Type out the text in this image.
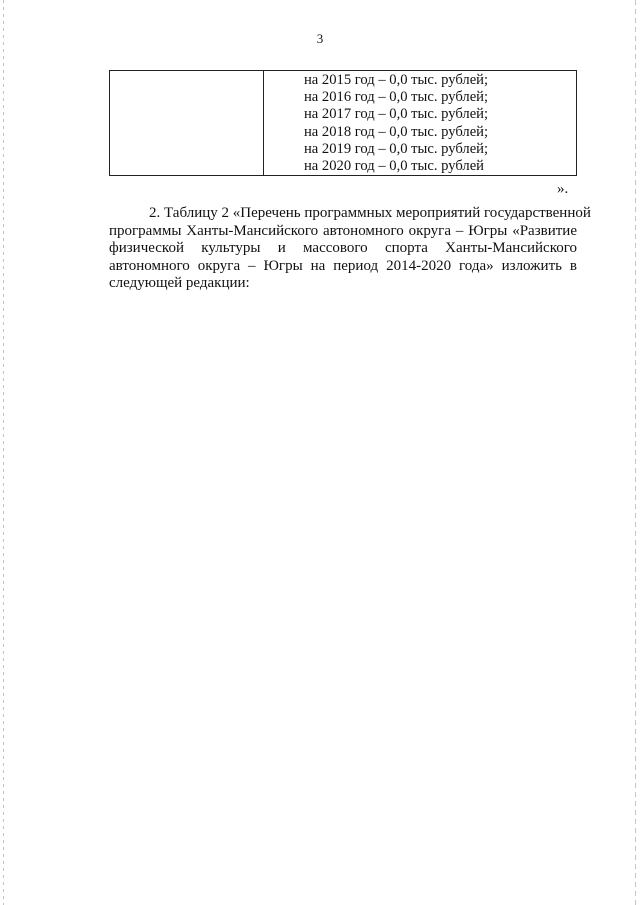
3
на 2015 год – 0,0 тыс. рублей;
на 2016 год – 0,0 тыс. рублей;
на 2017 год – 0,0 тыс. рублей;
на 2018 год – 0,0 тыс. рублей;
на 2019 год – 0,0 тыс. рублей;
на 2020 год – 0,0 тыс. рублей
».
2. Таблицу 2 «Перечень программных мероприятий государственной
программы Ханты-Мансийского автономного округа – Югры «Развитие
физической культуры и массового спорта Ханты-Мансийского
автономного округа – Югры на период 2014-2020 года» изложить в
следующей редакции:
